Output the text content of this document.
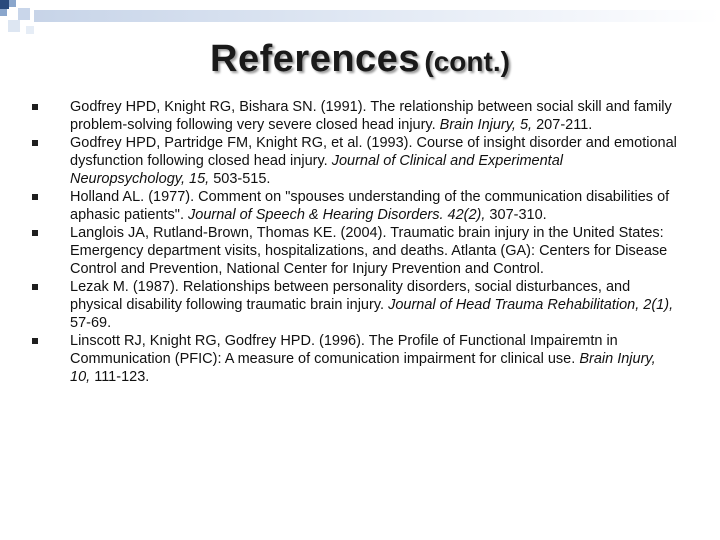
References (cont.)
Godfrey HPD, Knight RG, Bishara SN. (1991). The relationship between social skill and family problem-solving following very severe closed head injury. Brain Injury, 5, 207-211.
Godfrey HPD, Partridge FM, Knight RG, et al. (1993). Course of insight disorder and emotional dysfunction following closed head injury. Journal of Clinical and Experimental Neuropsychology, 15, 503-515.
Holland AL. (1977). Comment on "spouses understanding of the communication disabilities of aphasic patients". Journal of Speech & Hearing Disorders. 42(2), 307-310.
Langlois JA, Rutland-Brown, Thomas KE. (2004). Traumatic brain injury in the United States: Emergency department visits, hospitalizations, and deaths. Atlanta (GA): Centers for Disease Control and Prevention, National Center for Injury Prevention and Control.
Lezak M. (1987). Relationships between personality disorders, social disturbances, and physical disability following traumatic brain injury. Journal of Head Trauma Rehabilitation, 2(1), 57-69.
Linscott RJ, Knight RG, Godfrey HPD. (1996). The Profile of Functional Impairemtn in Communication (PFIC): A measure of comunication impairment for clinical use. Brain Injury, 10, 111-123.
